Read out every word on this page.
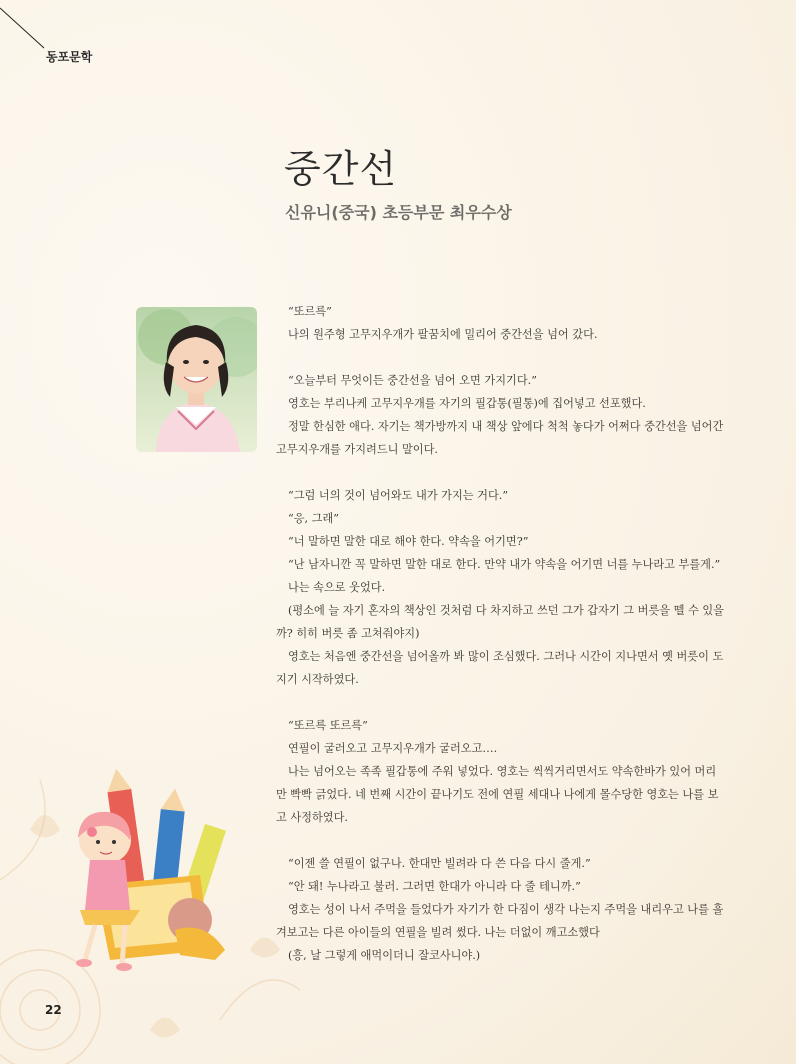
동포문학
중간선
신유니(중국) 초등부문 최우수상

“또르륵”

나의 원주형 고무지우개가 팔꿈치에 밀리어 중간선을 넘어 갔다.

“오늘부터 무엇이든 중간선을 넘어 오면 가지기다.”

영호는 부리나케 고무지우개를 자기의 필갑통(필통)에 집어넣고 선포했다.

정말 한심한 애다. 자기는 책가방까지 내 책상 앞에다 척척 놓다가 어쩌다 중간선을 넘어간 고무지우개를 가지려드니 말이다.

“그럼 너의 것이 넘어와도 내가 가지는 거다.”

“응, 그래”

“너 말하면 말한 대로 해야 한다. 약속을 어기면?”

“난 남자니깐 꼭 말하면 말한 대로 한다. 만약 내가 약속을 어기면 너를 누나라고 부를게.”

나는 속으로 웃었다.

(평소에 늘 자기 혼자의 책상인 것처럼 다 차지하고 쓰던 그가 갑자기 그 버릇을 뗄 수 있을까? 히히 버릇 좀 고쳐줘야지)

영호는 처음엔 중간선을 넘어올까 봐 많이 조심했다. 그러나 시간이 지나면서 옛 버릇이 도지기 시작하였다.

“또르륵 또르륵”

연필이 굴러오고 고무지우개가 굴러오고….

나는 넘어오는 족족 필갑통에 주워 넣었다. 영호는 씩씩거리면서도 약속한바가 있어 머리만 빡빡 긁었다. 네 번째 시간이 끝나기도 전에 연필 세대나 나에게 몰수당한 영호는 나를 보고 사정하였다.

“이젠 쓸 연필이 없구나. 한대만 빌려라 다 쓴 다음 다시 줄게.”

“안 돼! 누나라고 불러. 그러면 한대가 아니라 다 줄 테니까.”

영호는 성이 나서 주먹을 들었다가 자기가 한 다짐이 생각 나는지 주먹을 내리우고 나를 흘겨보고는 다른 아이들의 연필을 빌려 썼다. 나는 더없이 깨고소했다

(흥, 날 그렇게 애먹이더니 잘코사니야.)

22
